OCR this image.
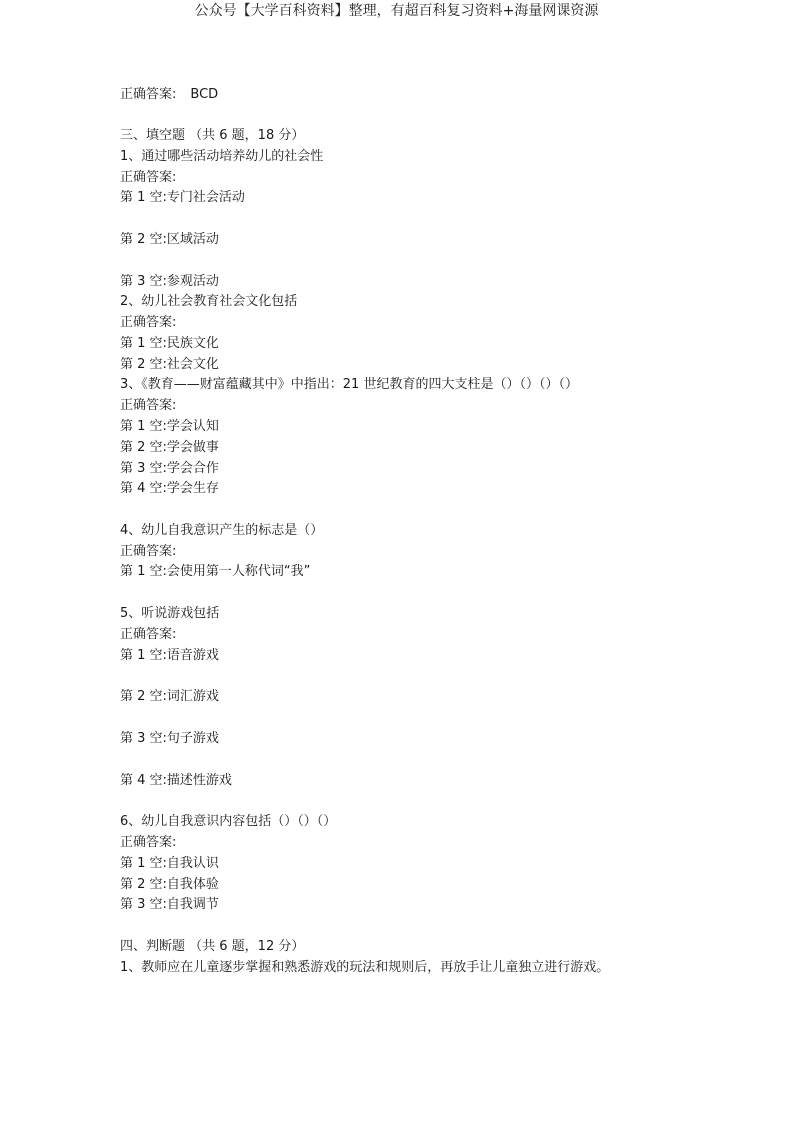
公众号【大学百科资料】整理，有超百科复习资料+海量网课资源
正确答案: BCD
三、填空题 （共 6 题，18 分）
1、通过哪些活动培养幼儿的社会性
正确答案:
第 1 空:专门社会活动
第 2 空:区域活动
第 3 空:参观活动
2、幼儿社会教育社会文化包括
正确答案:
第 1 空:民族文化
第 2 空:社会文化
3、《教育——财富蕴藏其中》中指出：21 世纪教育的四大支柱是（）（）（）（）
正确答案:
第 1 空:学会认知
第 2 空:学会做事
第 3 空:学会合作
第 4 空:学会生存
4、幼儿自我意识产生的标志是（）
正确答案:
第 1 空:会使用第一人称代词“我”
5、听说游戏包括
正确答案:
第 1 空:语音游戏
第 2 空:词汇游戏
第 3 空:句子游戏
第 4 空:描述性游戏
6、幼儿自我意识内容包括（）（）（）
正确答案:
第 1 空:自我认识
第 2 空:自我体验
第 3 空:自我调节
四、判断题 （共 6 题，12 分）
1、教师应在儿童逐步掌握和熟悉游戏的玩法和规则后，再放手让儿童独立进行游戏。
